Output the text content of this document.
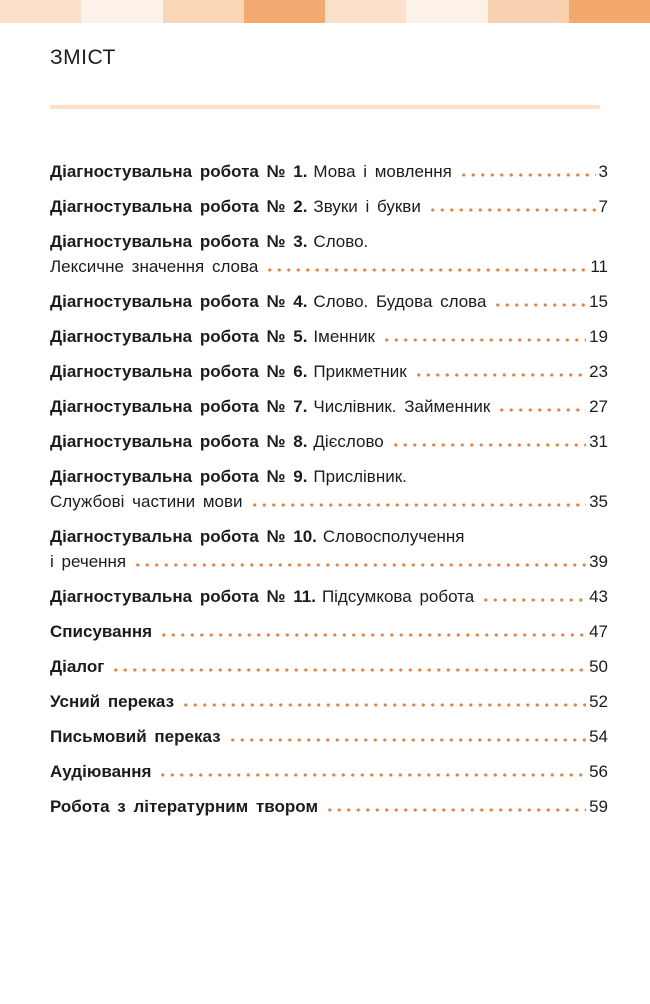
ЗМІСТ
Діагностувальна робота № 1. Мова і мовлення	3
Діагностувальна робота № 2. Звуки і букви	7
Діагностувальна робота № 3. Слово.
Лексичне значення слова	11
Діагностувальна робота № 4. Слово. Будова слова	15
Діагностувальна робота № 5. Іменник	19
Діагностувальна робота № 6. Прикметник	23
Діагностувальна робота № 7. Числівник. Займенник	27
Діагностувальна робота № 8. Дієслово	31
Діагностувальна робота № 9. Прислівник.
Службові частини мови	35
Діагностувальна робота № 10. Словосполучення
і речення	39
Діагностувальна робота № 11. Підсумкова робота	43
Списування	47
Діалог	50
Усний переказ	52
Письмовий переказ	54
Аудіювання	56
Робота з літературним твором	59
